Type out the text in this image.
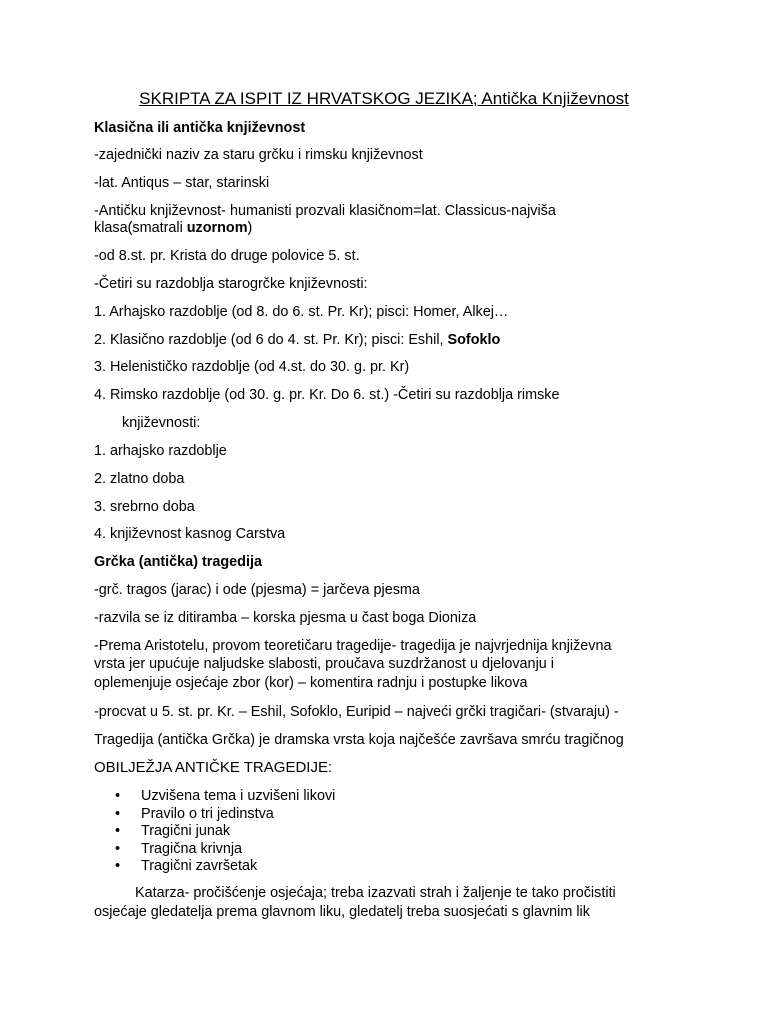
SKRIPTA ZA ISPIT IZ HRVATSKOG JEZIKA; Antička Književnost
Klasična ili antička književnost
-zajednički naziv za staru grčku i rimsku književnost
-lat. Antiqus – star, starinski
-Antičku književnost- humanisti prozvali klasičnom=lat. Classicus-najviša
klasa(smatrali uzornom)
-od 8.st. pr. Krista do druge polovice 5. st.
-Četiri su razdoblja starogrčke književnosti:
1. Arhajsko razdoblje (od 8. do 6. st. Pr. Kr); pisci: Homer, Alkej…
2. Klasično razdoblje (od 6 do 4. st. Pr. Kr); pisci: Eshil, Sofoklo
3. Helenističko razdoblje (od 4.st. do 30. g. pr. Kr)
4. Rimsko razdoblje (od 30. g. pr. Kr. Do 6. st.) -Četiri su razdoblja rimske
književnosti:
1. arhajsko razdoblje
2. zlatno doba
3. srebrno doba
4. književnost kasnog Carstva
Grčka (antička) tragedija
-grč. tragos (jarac) i ode (pjesma) = jarčeva pjesma
-razvila se iz ditiramba – korska pjesma u čast boga Dioniza
-Prema Aristotelu, provom teoretičaru tragedije- tragedija je najvrjednija književna
vrsta jer upućuje naljudske slabosti, proučava suzdržanost u djelovanju i
oplemenjuje osjećaje zbor (kor) – komentira radnju i postupke likova
-procvat u 5. st. pr. Kr. – Eshil, Sofoklo, Euripid – najveći grčki tragičari- (stvaraju) -
Tragedija (antička Grčka) je dramska vrsta koja najčešće završava smrću tragičnog
OBILJEŽJA ANTIČKE TRAGEDIJE:
• Uzvišena tema i uzvišeni likovi
• Pravilo o tri jedinstva
• Tragični junak
• Tragična krivnja
• Tragični završetak
Katarza- pročišćenje osjećaja; treba izazvati strah i žaljenje te tako pročistiti
osjećaje gledatelja prema glavnom liku, gledatelj treba suosjećati s glavnim lik
